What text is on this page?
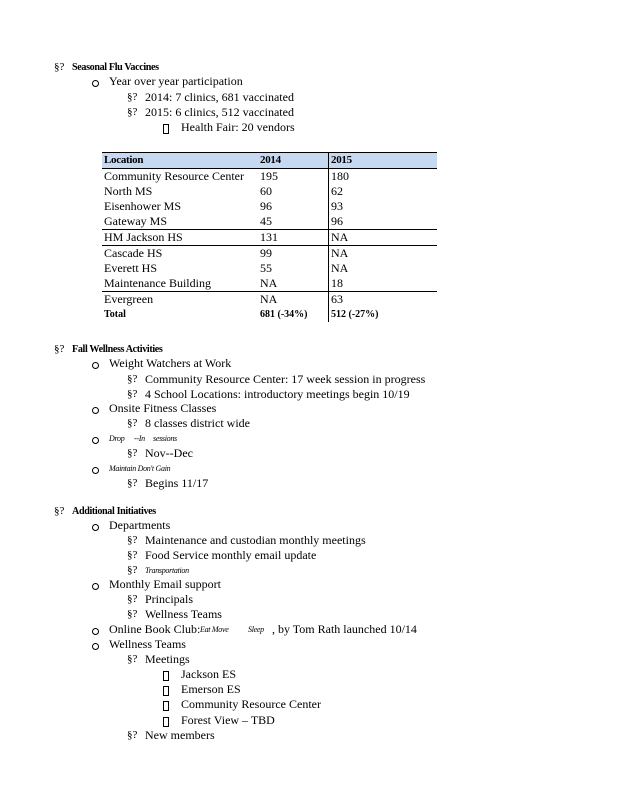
§? Seasonal Flu Vaccines
Year over year participation
§? 2014: 7 clinics, 681 vaccinated
§? 2015: 6 clinics, 512 vaccinated
Health Fair: 20 vendors
Location	2014	2015
Community Resource Center	195	180
North MS	60	62
Eisenhower MS	96	93
Gateway MS	45	96
HM Jackson HS	131	NA
Cascade HS	99	NA
Everett HS	55	NA
Maintenance Building	NA	18
Evergreen	NA	63
Total	681 (-34%)	512 (-27%)
§? Fall Wellness Activities
Weight Watchers at Work
§? Community Resource Center: 17 week session in progress
§? 4 School Locations: introductory meetings begin 10/19
Onsite Fitness Classes
§? 8 classes district wide
Drop --In sessions
§? Nov--Dec
Maintain Don't Gain
§? Begins 11/17
§? Additional Initiatives
Departments
§? Maintenance and custodian monthly meetings
§? Food Service monthly email update
§? Transportation
Monthly Email support
§? Principals
§? Wellness Teams
Online Book Club: Eat Move Sleep , by Tom Rath launched 10/14
Wellness Teams
§? Meetings
Jackson ES
Emerson ES
Community Resource Center
Forest View – TBD
§? New members
